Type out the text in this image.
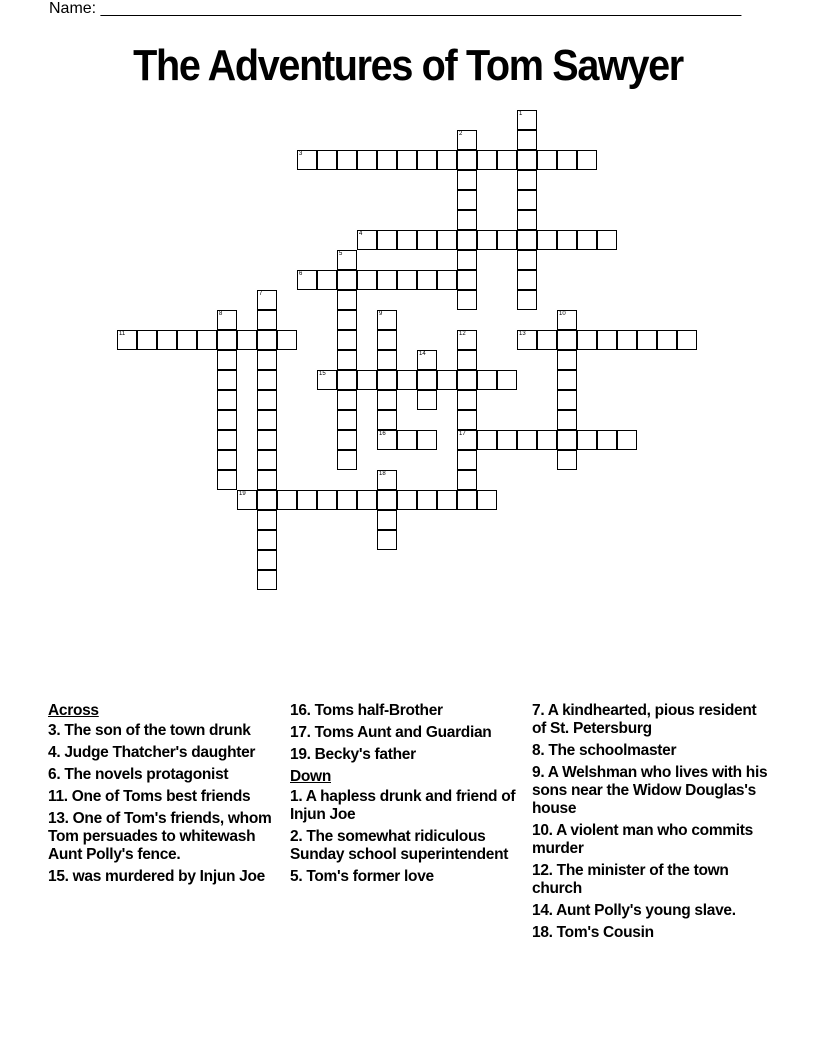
Name: ________________________________________________________________________
The Adventures of Tom Sawyer
3
4
6
11	13
15
16	17
19
1
2
5
7
8	9	10
12
14
18
Across
3. The son of the town drunk
4. Judge Thatcher's daughter
6. The novels protagonist
11. One of Toms best friends
13. One of Tom's friends, whom Tom persuades to whitewash Aunt Polly's fence.
15. was murdered by Injun Joe
16. Toms half-Brother
17. Toms Aunt and Guardian
19. Becky's father
Down
1. A hapless drunk and friend of Injun Joe
2. The somewhat ridiculous Sunday school superintendent
5. Tom's former love
7. A kindhearted, pious resident of St. Petersburg
8. The schoolmaster
9. A Welshman who lives with his sons near the Widow Douglas's house
10. A violent man who commits murder
12. The minister of the town church
14. Aunt Polly's young slave.
18. Tom's Cousin
